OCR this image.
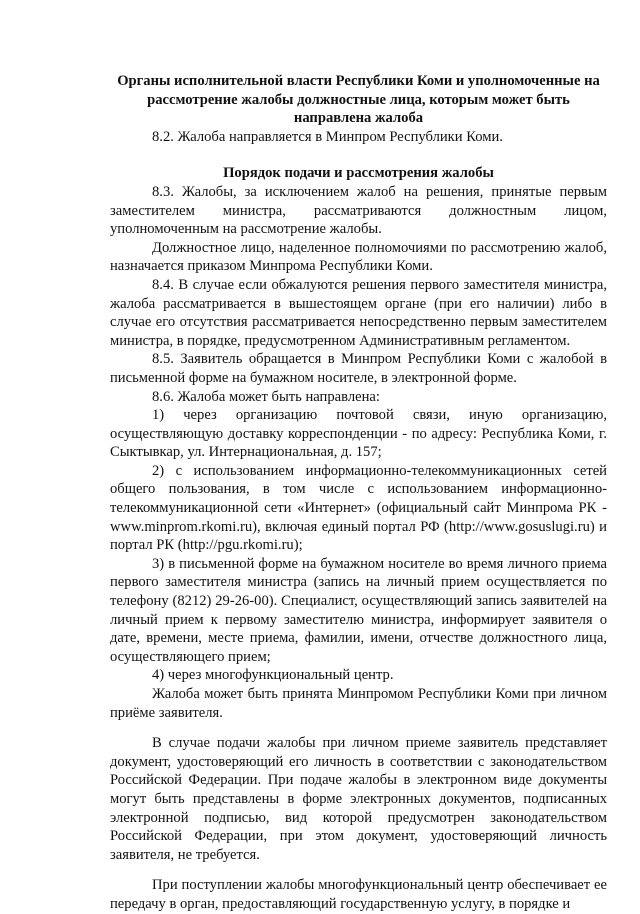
Органы исполнительной власти Республики Коми и уполномоченные на рассмотрение жалобы должностные лица, которым может быть направлена жалоба

8.2. Жалоба направляется в Минпром Республики Коми.

Порядок подачи и рассмотрения жалобы

8.3. Жалобы, за исключением жалоб на решения, принятые первым заместителем министра, рассматриваются должностным лицом, уполномоченным на рассмотрение жалобы.

Должностное лицо, наделенное полномочиями по рассмотрению жалоб, назначается приказом Минпрома Республики Коми.

8.4. В случае если обжалуются решения первого заместителя министра, жалоба рассматривается в вышестоящем органе (при его наличии) либо в случае его отсутствия рассматривается непосредственно первым заместителем министра, в порядке, предусмотренном Административным регламентом.

8.5. Заявитель обращается в Минпром Республики Коми с жалобой в письменной форме на бумажном носителе, в электронной форме.

8.6. Жалоба может быть направлена:

1) через организацию почтовой связи, иную организацию, осуществляющую доставку корреспонденции - по адресу: Республика Коми, г. Сыктывкар, ул. Интернациональная, д. 157;

2) с использованием информационно-телекоммуникационных сетей общего пользования, в том числе с использованием информационно-телекоммуникационной сети «Интернет» (официальный сайт Минпрома РК - www.minprom.rkomi.ru), включая единый портал РФ (http://www.gosuslugi.ru) и портал РК (http://pgu.rkomi.ru);

3) в письменной форме на бумажном носителе во время личного приема первого заместителя министра (запись на личный прием осуществляется по телефону (8212) 29-26-00). Специалист, осуществляющий запись заявителей на личный прием к первому заместителю министра, информирует заявителя о дате, времени, месте приема, фамилии, имени, отчестве должностного лица, осуществляющего прием;

4) через многофункциональный центр.

Жалоба может быть принята Минпромом Республики Коми при личном приёме заявителя.

В случае подачи жалобы при личном приеме заявитель представляет документ, удостоверяющий его личность в соответствии с законодательством Российской Федерации. При подаче жалобы в электронном виде документы могут быть представлены в форме электронных документов, подписанных электронной подписью, вид которой предусмотрен законодательством Российской Федерации, при этом документ, удостоверяющий личность заявителя, не требуется.

При поступлении жалобы многофункциональный центр обеспечивает ее передачу в орган, предоставляющий государственную услугу, в порядке и
